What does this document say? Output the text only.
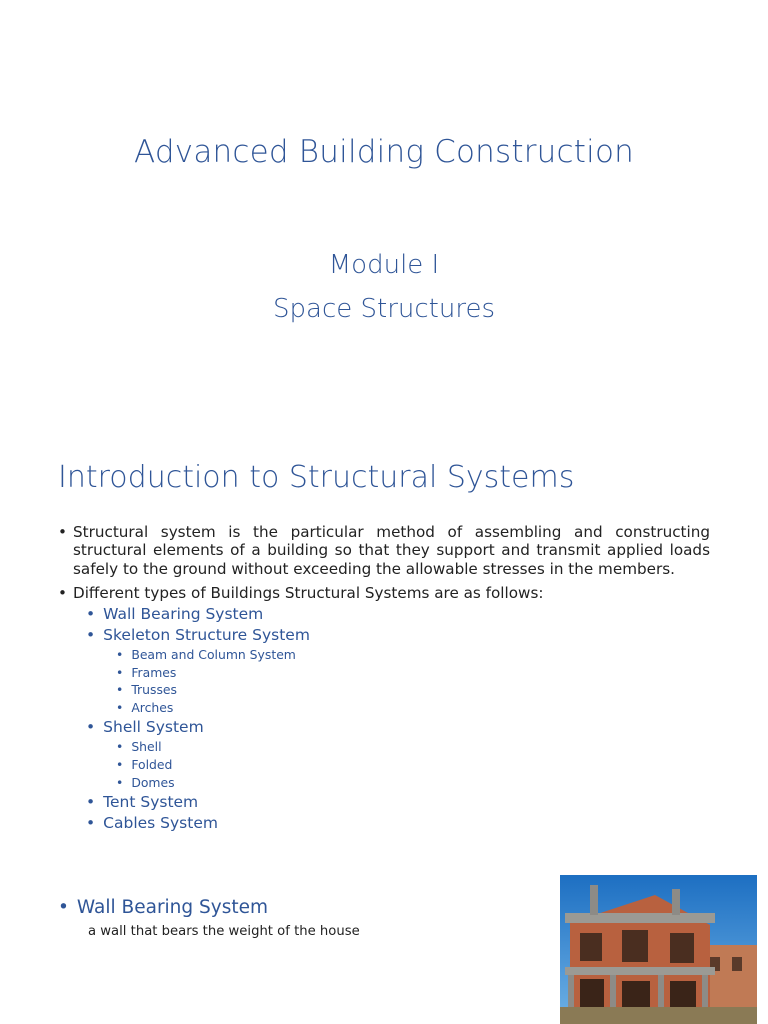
Advanced Building Construction
Module I
Space Structures
Introduction to Structural Systems
• Structural system is the particular method of assembling and constructing structural elements of a building so that they support and transmit applied loads safely to the ground without exceeding the allowable stresses in the members.
• Different types of Buildings Structural Systems are as follows:
• Wall Bearing System
• Skeleton Structure System
• Beam and Column System
• Frames
• Trusses
• Arches
• Shell System
• Shell
• Folded
• Domes
• Tent System
• Cables System
• Wall Bearing System
a wall that bears the weight of the house
